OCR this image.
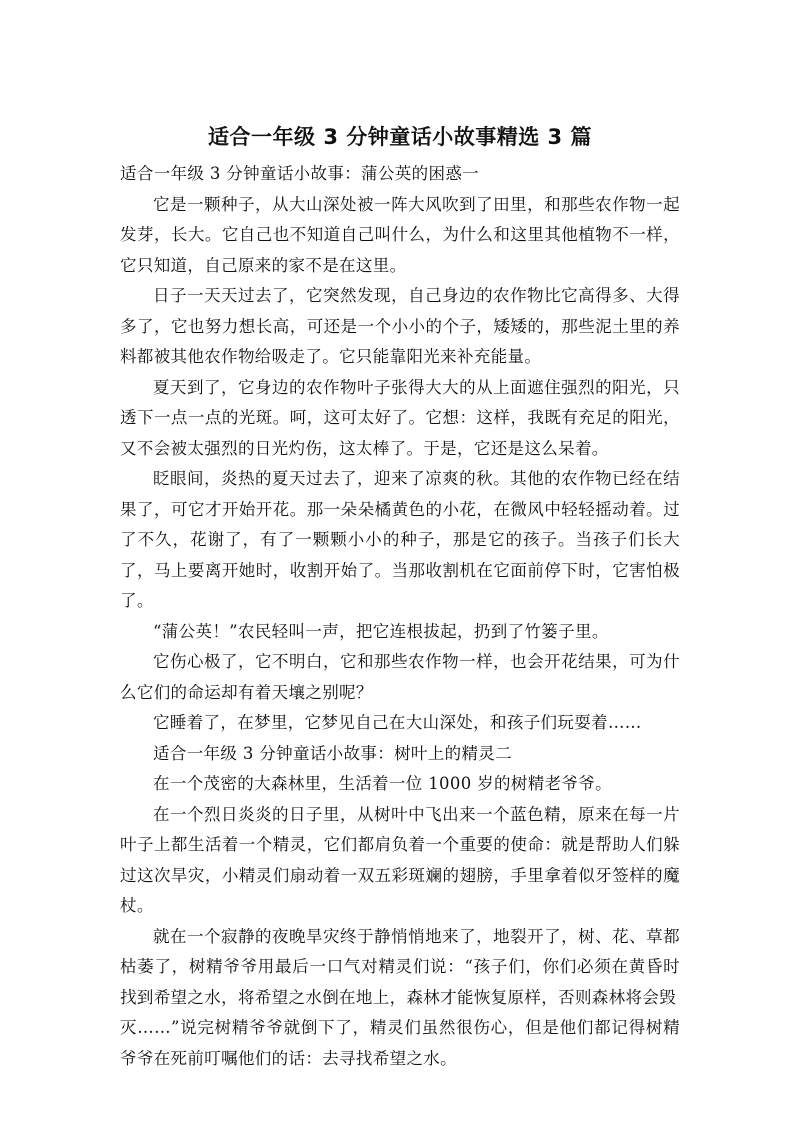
适合一年级 3 分钟童话小故事精选 3 篇

适合一年级 3 分钟童话小故事：蒲公英的困惑一

它是一颗种子，从大山深处被一阵大风吹到了田里，和那些农作物一起发芽，长大。它自己也不知道自己叫什么，为什么和这里其他植物不一样，它只知道，自己原来的家不是在这里。

日子一天天过去了，它突然发现，自己身边的农作物比它高得多、大得多了，它也努力想长高，可还是一个小小的个子，矮矮的，那些泥土里的养料都被其他农作物给吸走了。它只能靠阳光来补充能量。

夏天到了，它身边的农作物叶子张得大大的从上面遮住强烈的阳光，只透下一点一点的光斑。呵，这可太好了。它想：这样，我既有充足的阳光，又不会被太强烈的日光灼伤，这太棒了。于是，它还是这么呆着。

眨眼间，炎热的夏天过去了，迎来了凉爽的秋。其他的农作物已经在结果了，可它才开始开花。那一朵朵橘黄色的小花，在微风中轻轻摇动着。过了不久，花谢了，有了一颗颗小小的种子，那是它的孩子。当孩子们长大了，马上要离开她时，收割开始了。当那收割机在它面前停下时，它害怕极了。

“蒲公英！”农民轻叫一声，把它连根拔起，扔到了竹篓子里。

它伤心极了，它不明白，它和那些农作物一样，也会开花结果，可为什么它们的命运却有着天壤之别呢？

它睡着了，在梦里，它梦见自己在大山深处，和孩子们玩耍着……

适合一年级 3 分钟童话小故事：树叶上的精灵二

在一个茂密的大森林里，生活着一位 1000 岁的树精老爷爷。

在一个烈日炎炎的日子里，从树叶中飞出来一个蓝色精，原来在每一片叶子上都生活着一个精灵，它们都肩负着一个重要的使命：就是帮助人们躲过这次旱灾，小精灵们扇动着一双五彩斑斓的翅膀，手里拿着似牙签样的魔杖。

就在一个寂静的夜晚旱灾终于静悄悄地来了，地裂开了，树、花、草都枯萎了，树精爷爷用最后一口气对精灵们说：“孩子们，你们必须在黄昏时找到希望之水，将希望之水倒在地上，森林才能恢复原样，否则森林将会毁

灭……”说完树精爷爷就倒下了，精灵们虽然很伤心，但是他们都记得树精爷爷在死前叮嘱他们的话：去寻找希望之水。
